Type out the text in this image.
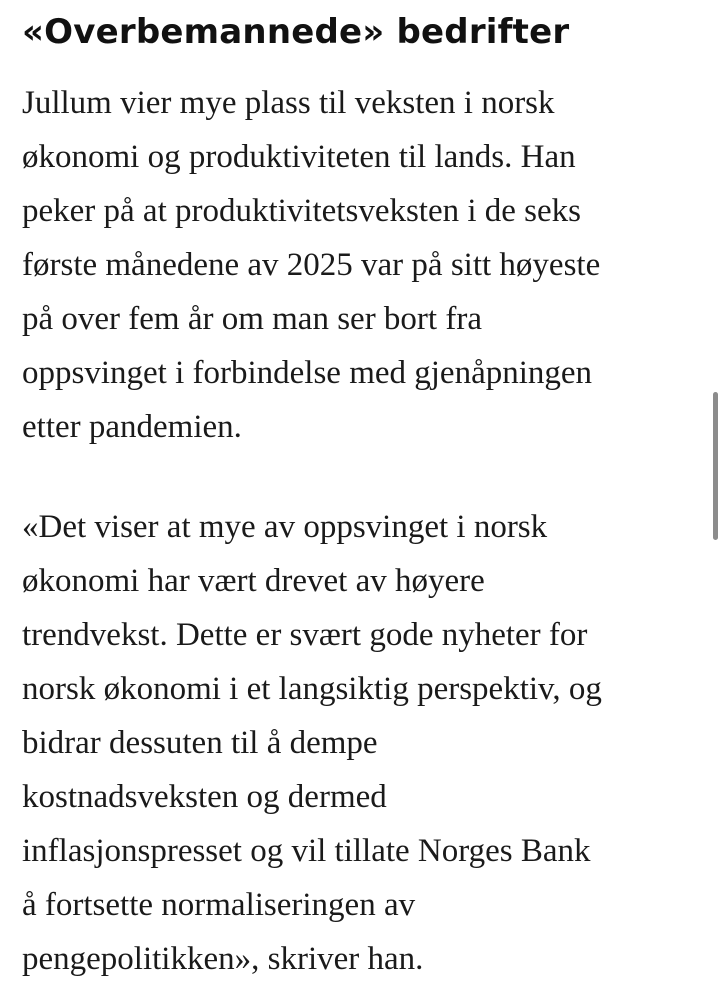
«Overbemannede» bedrifter

Jullum vier mye plass til veksten i norsk
økonomi og produktiviteten til lands. Han
peker på at produktivitetsveksten i de seks
første månedene av 2025 var på sitt høyeste
på over fem år om man ser bort fra
oppsvinget i forbindelse med gjenåpningen
etter pandemien.

«Det viser at mye av oppsvinget i norsk
økonomi har vært drevet av høyere
trendvekst. Dette er svært gode nyheter for
norsk økonomi i et langsiktig perspektiv, og
bidrar dessuten til å dempe
kostnadsveksten og dermed
inflasjonspresset og vil tillate Norges Bank
å fortsette normaliseringen av
pengepolitikken», skriver han.
